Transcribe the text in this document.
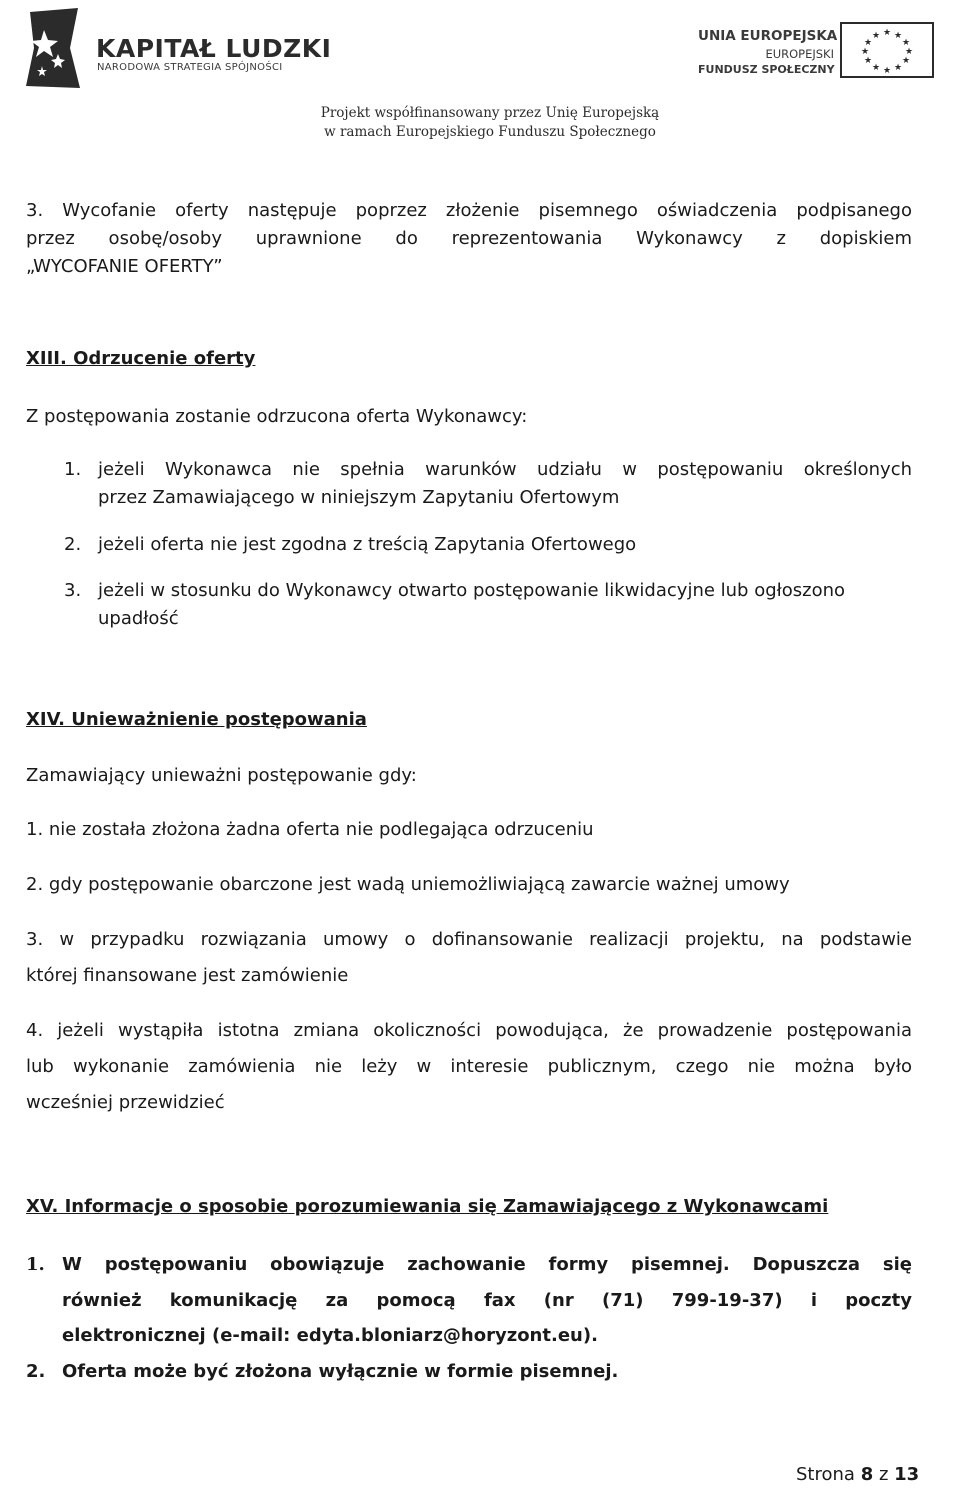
KAPITAŁ LUDZKI
NARODOWA STRATEGIA SPÓJNOŚCI
UNIA EUROPEJSKA
EUROPEJSKI
FUNDUSZ SPOŁECZNY
★ ★
★
★
★
★
★
★
★
★
★
★
Projekt współfinansowany przez Unię Europejską
w ramach Europejskiego Funduszu Społecznego
3. Wycofanie oferty następuje poprzez złożenie pisemnego oświadczenia podpisanego
przez osobę/osoby uprawnione do reprezentowania Wykonawcy z dopiskiem
„WYCOFANIE OFERTY”
XIII. Odrzucenie oferty
Z postępowania zostanie odrzucona oferta Wykonawcy:
1. jeżeli Wykonawca nie spełnia warunków udziału w postępowaniu określonych
przez Zamawiającego w niniejszym Zapytaniu Ofertowym
2. jeżeli oferta nie jest zgodna z treścią Zapytania Ofertowego
3. jeżeli w stosunku do Wykonawcy otwarto postępowanie likwidacyjne lub ogłoszono
upadłość
XIV. Unieważnienie postępowania
Zamawiający unieważni postępowanie gdy:
1. nie została złożona żadna oferta nie podlegająca odrzuceniu
2. gdy postępowanie obarczone jest wadą uniemożliwiającą zawarcie ważnej umowy
3. w przypadku rozwiązania umowy o dofinansowanie realizacji projektu, na podstawie
której finansowane jest zamówienie
4. jeżeli wystąpiła istotna zmiana okoliczności powodująca, że prowadzenie postępowania
lub wykonanie zamówienia nie leży w interesie publicznym, czego nie można było
wcześniej przewidzieć
XV. Informacje o sposobie porozumiewania się Zamawiającego z Wykonawcami
1. W postępowaniu obowiązuje zachowanie formy pisemnej. Dopuszcza się
również komunikację za pomocą fax (nr (71) 799-19-37) i poczty
elektronicznej (e-mail: edyta.bloniarz@horyzont.eu).
2. Oferta może być złożona wyłącznie w formie pisemnej.
Strona 8 z 13
